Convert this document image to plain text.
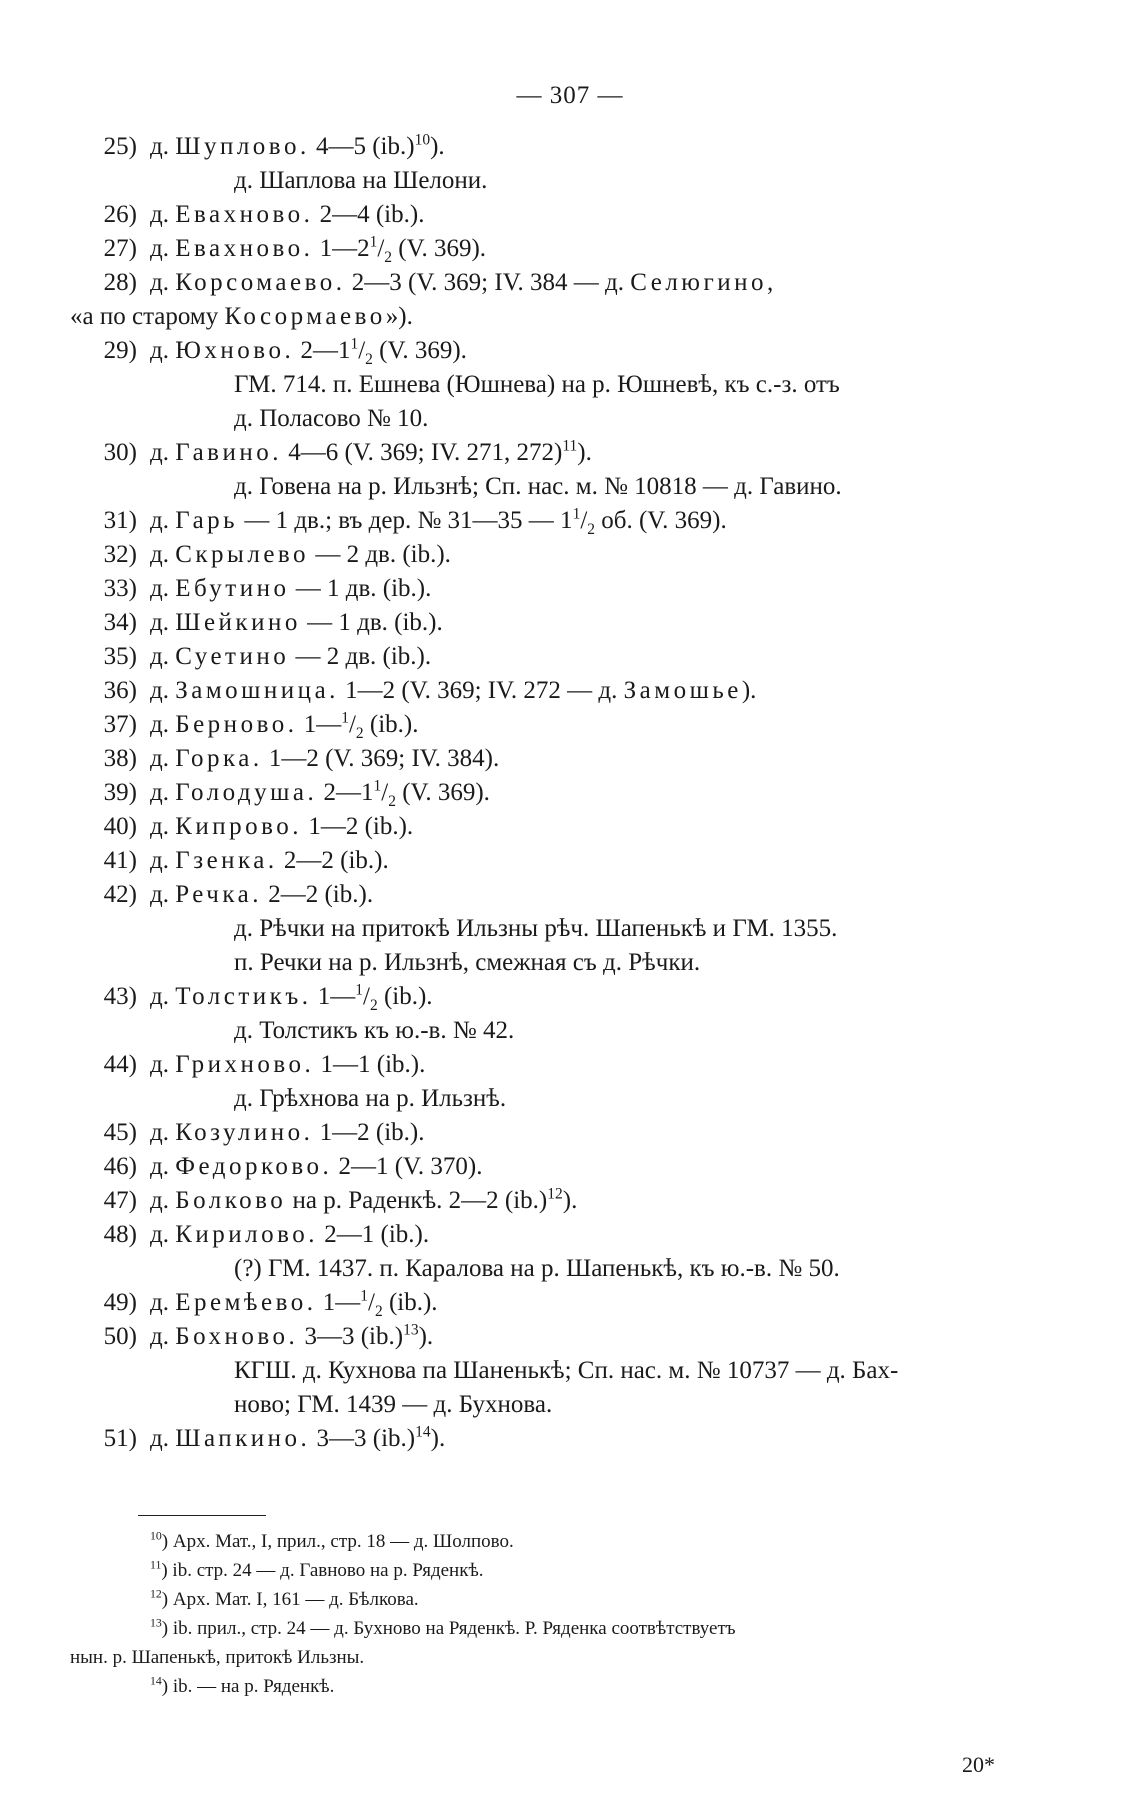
— 307 —
25) д. Шуплово. 4—5 $(ib.)^{10}$).
д. Шаплова на Шелони.
26) д. Евахново. 2—4 (ib.).
27) д. Евахново. $1—2^1/_2$ (V. 369).
28) д. Корсомаево. 2—3 (V. 369; IV. 384 — д. Селюгино,
«а по старому Косормаево»).
29) д. Юхново. $2—1^1/_2$ (V. 369).
ГМ. 714. п. Ешнева (Юшнева) на р. Юшневѣ, къ с.-з. отъ
д. Поласово № 10.
30) д. Гавино. 4—6 (V. 369; IV. 271, 272)$^{11}$).
д. Говена на р. Ильзнѣ; Сп. нас. м. № 10818 — д. Гавино.
31) д. Гарь — 1 дв.; въ дер. № 31—35 — $1^1/_2$ об. (V. 369).
32) д. Скрылево — 2 дв. (ib.).
33) д. Ебутино — 1 дв. (ib.).
34) д. Шейкино — 1 дв. (ib.).
35) д. Суетино — 2 дв. (ib.).
36) д. Замошница. 1—2 (V. 369; IV. 272 — д. Замошье).
37) д. Берново. $1—^1/_2$ (ib.).
38) д. Горка. 1—2 (V. 369; IV. 384).
39) д. Голодуша. $2—1^1/_2$ (V. 369).
40) д. Кипрово. 1—2 (ib.).
41) д. Гзенка. 2—2 (ib.).
42) д. Речка. 2—2 (ib.).
д. Рѣчки на притокѣ Ильзны рѣч. Шапенькѣ и ГМ. 1355.
п. Речки на р. Ильзнѣ, смежная съ д. Рѣчки.
43) д. Толстикъ. $1—^1/_2$ (ib.).
д. Толстикъ къ ю.-в. № 42.
44) д. Грихново. 1—1 (ib.).
д. Грѣхнова на р. Ильзнѣ.
45) д. Козулино. 1—2 (ib.).
46) д. Федорково. 2—1 (V. 370).
47) д. Болково на р. Раденкѣ. 2—2 $(ib.)^{12}$).
48) д. Кирилово. 2—1 (ib.).
(?) ГМ. 1437. п. Каралова на р. Шапенькѣ, къ ю.-в. № 50.
49) д. Еремѣево. $1—^1/_2$ (ib.).
50) д. Бохново. 3—3 $(ib.)^{13}$).
КГШ. д. Кухнова па Шаненькѣ; Сп. нас. м. № 10737 — д. Бах-
ново; ГМ. 1439 — д. Бухнова.
51) д. Шапкино. 3—3 $(ib.)^{14}$).
$^{10}$) Арх. Мат., I, прил., стр. 18 — д. Шолпово.
$^{11}$) ib. стр. 24 — д. Гавново на р. Ряденкѣ.
$^{12}$) Арх. Мат. I, 161 — д. Бѣлкова.
$^{13}$) ib. прил., стр. 24 — д. Бухново на Ряденкѣ. Р. Ряденка соотвѣтствуетъ
нын. р. Шапенькѣ, притокѣ Ильзны.
$^{14}$) ib. — на р. Ряденкѣ.
20*
